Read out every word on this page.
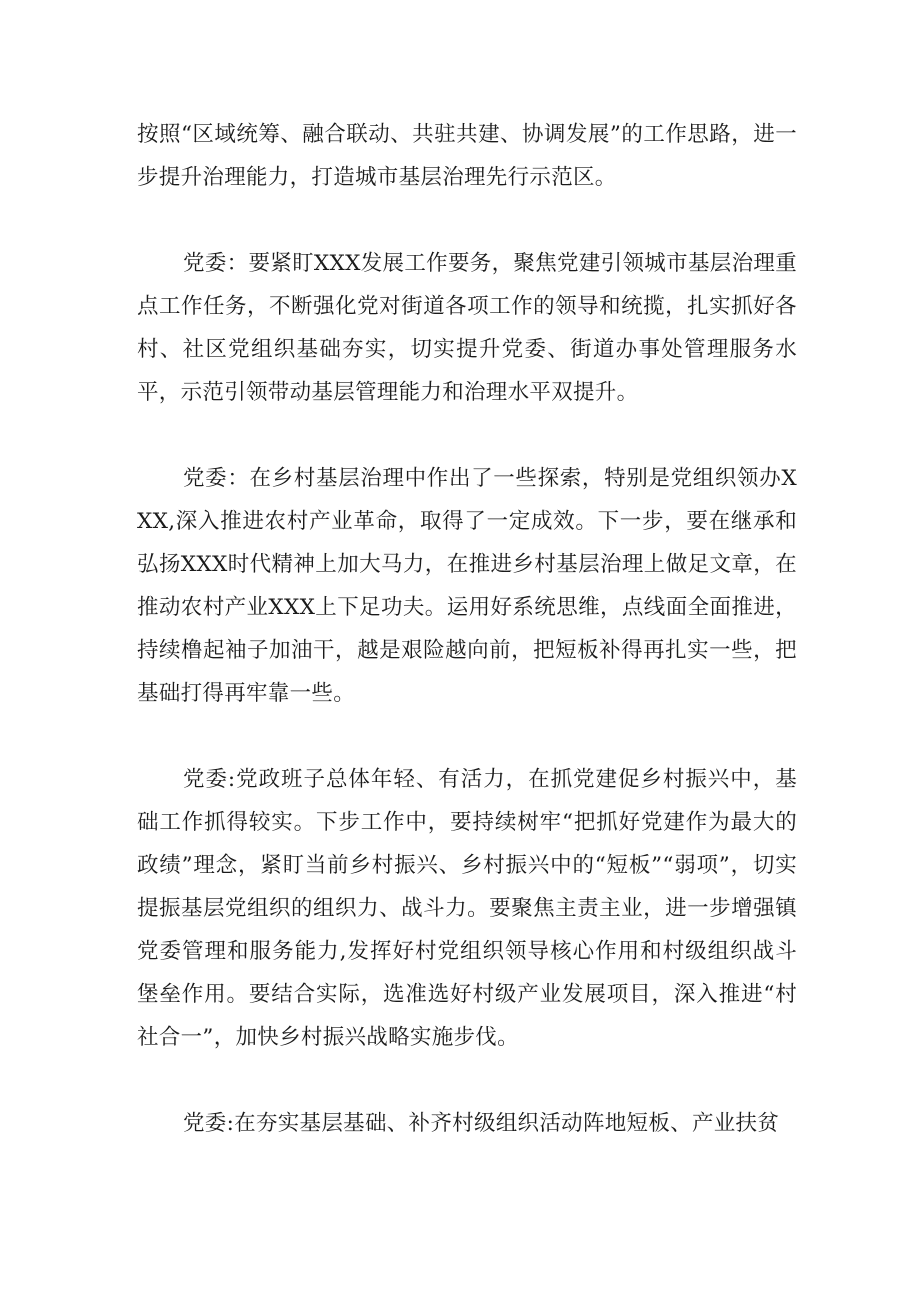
按照“区域统筹、融合联动、共驻共建、协调发展”的工作思路，进一步提升治理能力，打造城市基层治理先行示范区。

党委：要紧盯XXX发展工作要务，聚焦党建引领城市基层治理重点工作任务，不断强化党对街道各项工作的领导和统揽，扎实抓好各村、社区党组织基础夯实，切实提升党委、街道办事处管理服务水平，示范引领带动基层管理能力和治理水平双提升。

党委：在乡村基层治理中作出了一些探索，特别是党组织领办XXX,深入推进农村产业革命，取得了一定成效。下一步，要在继承和弘扬XXX时代精神上加大马力，在推进乡村基层治理上做足文章，在推动农村产业XXX上下足功夫。运用好系统思维，点线面全面推进，持续橹起袖子加油干，越是艰险越向前，把短板补得再扎实一些，把基础打得再牢靠一些。

党委:党政班子总体年轻、有活力，在抓党建促乡村振兴中，基础工作抓得较实。下步工作中，要持续树牢“把抓好党建作为最大的政绩”理念，紧盯当前乡村振兴、乡村振兴中的“短板”“弱项”，切实提振基层党组织的组织力、战斗力。要聚焦主责主业，进一步增强镇党委管理和服务能力,发挥好村党组织领导核心作用和村级组织战斗堡垒作用。要结合实际，选准选好村级产业发展项目，深入推进“村社合一”，加快乡村振兴战略实施步伐。

党委:在夯实基层基础、补齐村级组织活动阵地短板、产业扶贫
